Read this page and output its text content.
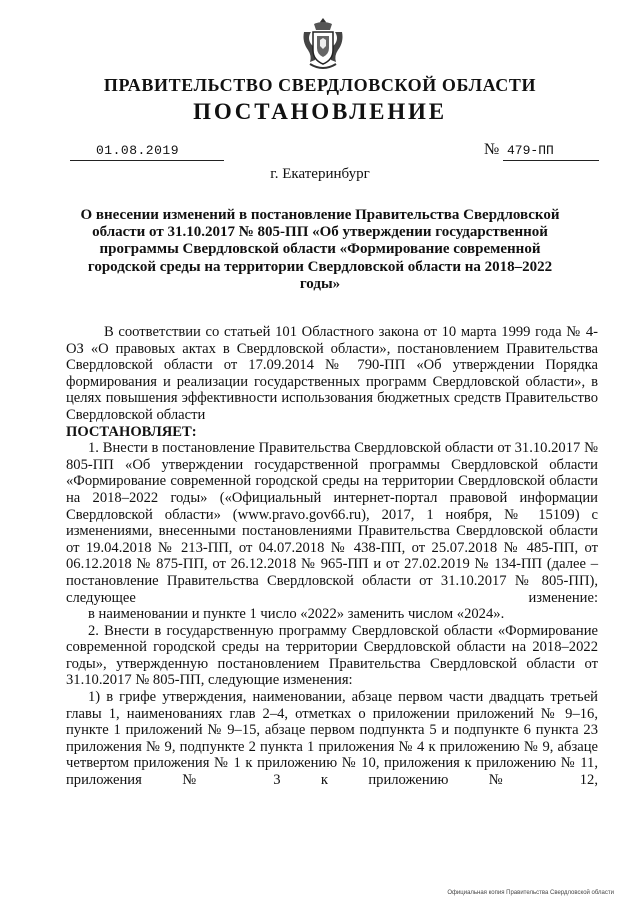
ПРАВИТЕЛЬСТВО СВЕРДЛОВСКОЙ ОБЛАСТИ
ПОСТАНОВЛЕНИЕ
01.08.2019	№ 479-ПП
г. Екатеринбург
О внесении изменений в постановление Правительства Свердловской области от 31.10.2017 № 805-ПП «Об утверждении государственной программы Свердловской области «Формирование современной городской среды на территории Свердловской области на 2018–2022 годы»

В соответствии со статьей 101 Областного закона от 10 марта 1999 года № 4-ОЗ «О правовых актах в Свердловской области», постановлением Правительства Свердловской области от 17.09.2014 № 790-ПП «Об утверждении Порядка формирования и реализации государственных программ Свердловской области», в целях повышения эффективности использования бюджетных средств Правительство Свердловской области

ПОСТАНОВЛЯЕТ:

1. Внести в постановление Правительства Свердловской области от 31.10.2017 № 805-ПП «Об утверждении государственной программы Свердловской области «Формирование современной городской среды на территории Свердловской области на 2018–2022 годы» («Официальный интернет-портал правовой информации Свердловской области» (www.pravo.gov66.ru), 2017, 1 ноября, № 15109) с изменениями, внесенными постановлениями Правительства Свердловской области от 19.04.2018 № 213-ПП, от 04.07.2018 № 438-ПП, от 25.07.2018 № 485-ПП, от 06.12.2018 № 875-ПП, от 26.12.2018 № 965-ПП и от 27.02.2019 № 134-ПП (далее – постановление Правительства Свердловской области от 31.10.2017 № 805-ПП), следующее изменение:

в наименовании и пункте 1 число «2022» заменить числом «2024».

2. Внести в государственную программу Свердловской области «Формирование современной городской среды на территории Свердловской области на 2018–2022 годы», утвержденную постановлением Правительства Свердловской области от 31.10.2017 № 805-ПП, следующие изменения:

1) в грифе утверждения, наименовании, абзаце первом части двадцать третьей главы 1, наименованиях глав 2–4, отметках о приложении приложений № 9–16, пункте 1 приложений № 9–15, абзаце первом подпункта 5 и подпункте 6 пункта 23 приложения № 9, подпункте 2 пункта 1 приложения № 4 к приложению № 9, абзаце четвертом приложения № 1 к приложению № 10, приложения к приложению № 11, приложения № 3 к приложению № 12,

Официальная копия Правительства Свердловской области
